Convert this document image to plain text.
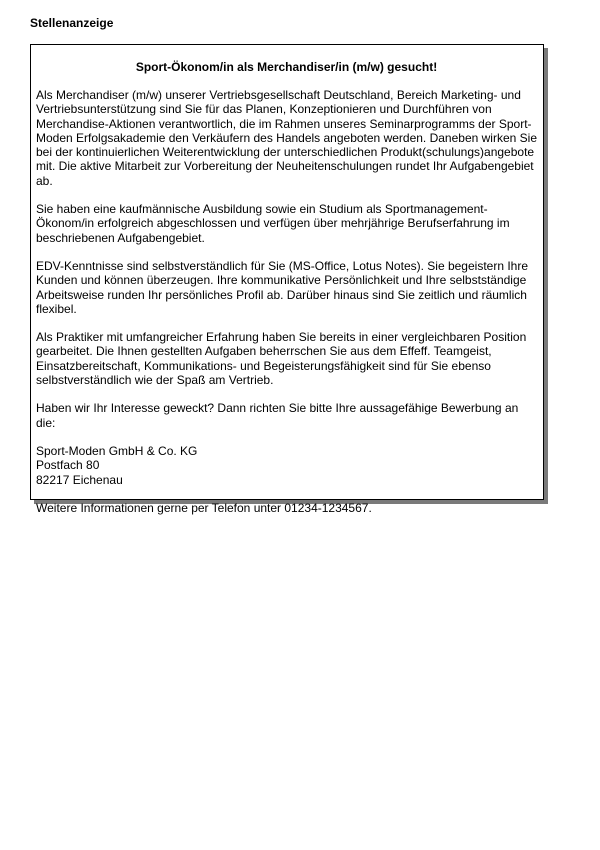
Stellenanzeige
Sport-Ökonom/in als Merchandiser/in (m/w) gesucht!

Als Merchandiser (m/w) unserer Vertriebsgesellschaft Deutschland, Bereich Marketing- und Vertriebsunterstützung sind Sie für das Planen, Konzeptionieren und Durchführen von Merchandise-Aktionen verantwortlich, die im Rahmen unseres Seminarprogramms der Sport-Moden Erfolgsakademie den Verkäufern des Handels angeboten werden. Daneben wirken Sie bei der kontinuierlichen Weiterentwicklung der unterschiedlichen Produkt(schulungs)angebote mit. Die aktive Mitarbeit zur Vorbereitung der Neuheitenschulungen rundet Ihr Aufgabengebiet ab.

Sie haben eine kaufmännische Ausbildung sowie ein Studium als Sportmanagement-Ökonom/in erfolgreich abgeschlossen und verfügen über mehrjährige Berufserfahrung im beschriebenen Aufgabengebiet.

EDV-Kenntnisse sind selbstverständlich für Sie (MS-Office, Lotus Notes). Sie begeistern Ihre Kunden und können überzeugen. Ihre kommunikative Persönlichkeit und Ihre selbstständige Arbeitsweise runden Ihr persönliches Profil ab. Darüber hinaus sind Sie zeitlich und räumlich flexibel.

Als Praktiker mit umfangreicher Erfahrung haben Sie bereits in einer vergleichbaren Position gearbeitet. Die Ihnen gestellten Aufgaben beherrschen Sie aus dem Effeff. Teamgeist, Einsatzbereitschaft, Kommunikations- und Begeisterungsfähigkeit sind für Sie ebenso selbstverständlich wie der Spaß am Vertrieb.

Haben wir Ihr Interesse geweckt? Dann richten Sie bitte Ihre aussagefähige Bewerbung an die:

Sport-Moden GmbH & Co. KG
Postfach 80
82217 Eichenau

Weitere Informationen gerne per Telefon unter 01234-1234567.
